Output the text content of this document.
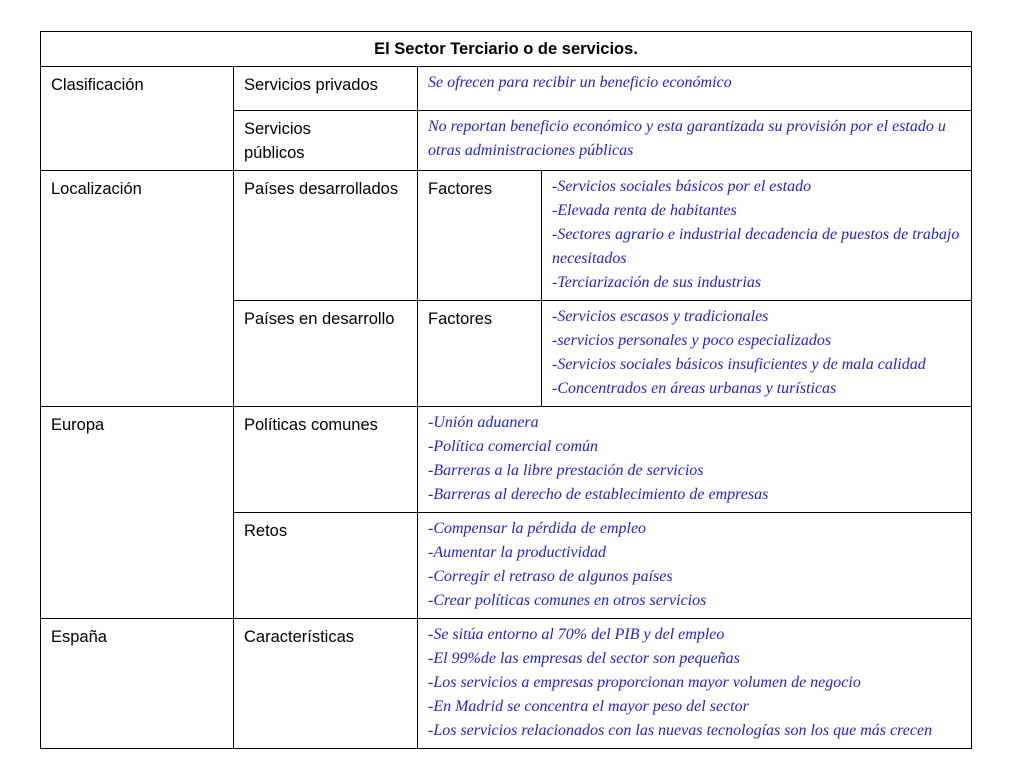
El Sector Terciario o de servicios.			
Clasificación	Servicios privados	Se ofrecen para recibir un beneficio económico	

	Servicios públicos	No reportan beneficio económico y esta garantizada su provisión por el estado u otras administraciones públicas	

Localización	Países desarrollados	Factores	-Servicios sociales básicos por el estado
-Elevada renta de habitantes
-Sectores agrario e industrial decadencia de puestos de trabajo necesitados
-Terciarización de sus industrias

	Países en desarrollo	Factores	-Servicios escasos y tradicionales
-servicios personales y poco especializados
-Servicios sociales básicos insuficientes y de mala calidad
-Concentrados en áreas urbanas y turísticas

Europa	Políticas comunes	-Unión aduanera
-Política comercial común
-Barreras a la libre prestación de servicios
-Barreras al derecho de establecimiento de empresas	

	Retos	-Compensar la pérdida de empleo
-Aumentar la productividad
-Corregir el retraso de algunos países
-Crear políticas comunes en otros servicios	

España	Características	-Se sitúa entorno al 70% del PIB y del empleo
-El 99%de las empresas del sector son pequeñas
-Los servicios a empresas proporcionan mayor volumen de negocio
-En Madrid se concentra el mayor peso del sector
-Los servicios relacionados con las nuevas tecnologías son los que más crecen	
